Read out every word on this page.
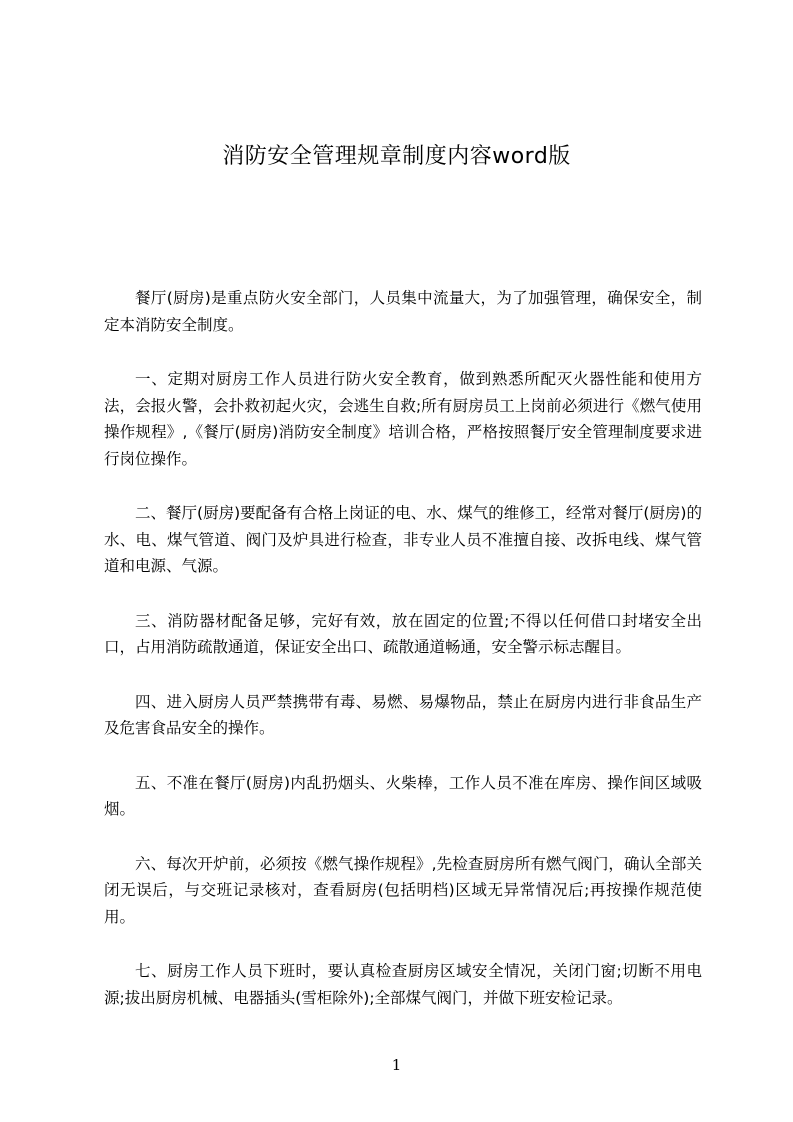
消防安全管理规章制度内容word版

餐厅(厨房)是重点防火安全部门，人员集中流量大，为了加强管理，确保安全，制定本消防安全制度。

一、定期对厨房工作人员进行防火安全教育，做到熟悉所配灭火器性能和使用方法，会报火警，会扑救初起火灾，会逃生自救;所有厨房员工上岗前必须进行《燃气使用操作规程》,《餐厅(厨房)消防安全制度》培训合格，严格按照餐厅安全管理制度要求进行岗位操作。

二、餐厅(厨房)要配备有合格上岗证的电、水、煤气的维修工，经常对餐厅(厨房)的水、电、煤气管道、阀门及炉具进行检查，非专业人员不准擅自接、改拆电线、煤气管道和电源、气源。

三、消防器材配备足够，完好有效，放在固定的位置;不得以任何借口封堵安全出口，占用消防疏散通道，保证安全出口、疏散通道畅通，安全警示标志醒目。

四、进入厨房人员严禁携带有毒、易燃、易爆物品，禁止在厨房内进行非食品生产及危害食品安全的操作。

五、不准在餐厅(厨房)内乱扔烟头、火柴棒，工作人员不准在库房、操作间区域吸烟。

六、每次开炉前，必须按《燃气操作规程》,先检查厨房所有燃气阀门，确认全部关闭无误后，与交班记录核对，查看厨房(包括明档)区域无异常情况后;再按操作规范使用。

七、厨房工作人员下班时，要认真检查厨房区域安全情况，关闭门窗;切断不用电源;拔出厨房机械、电器插头(雪柜除外);全部煤气阀门，并做下班安检记录。

1
